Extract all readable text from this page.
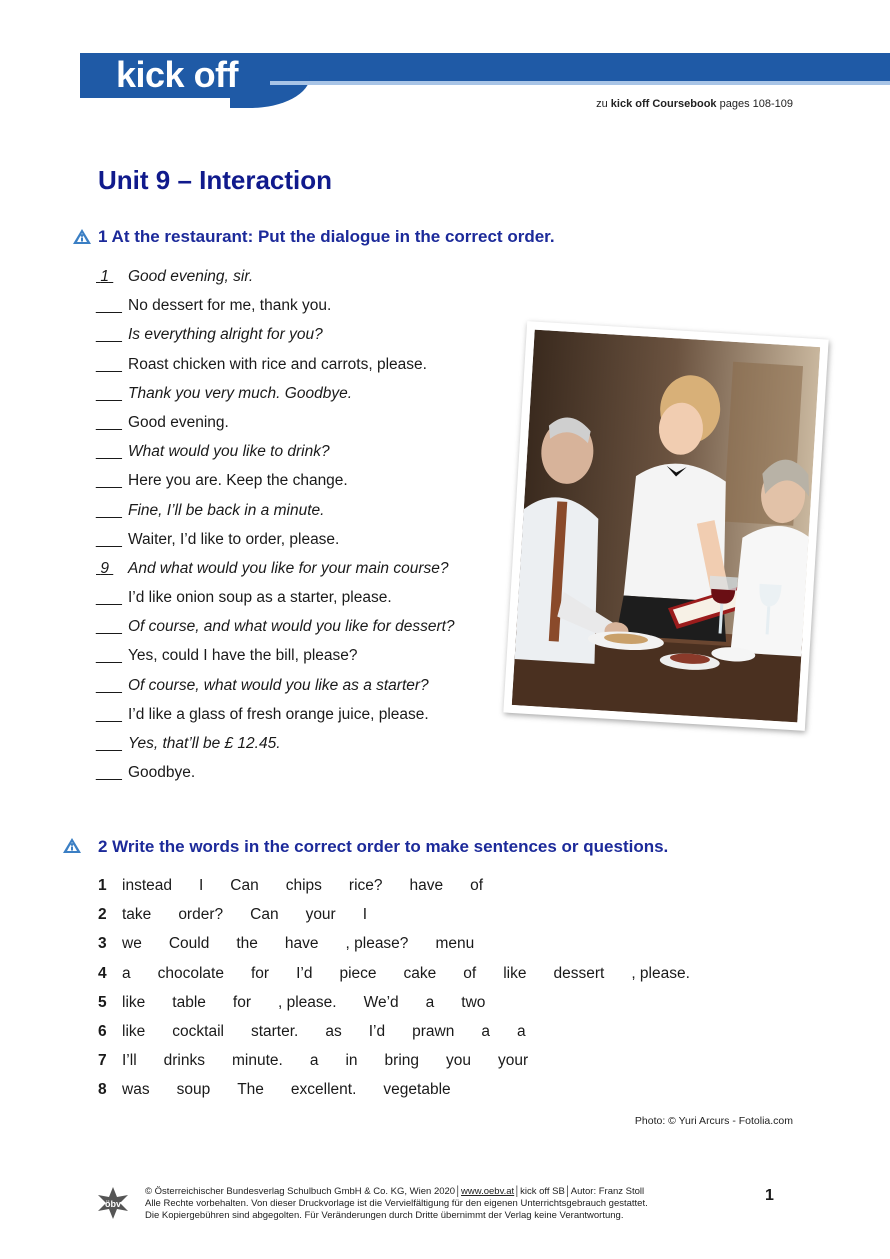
kick off
zu kick off Coursebook pages 108-109
Unit 9 – Interaction
1 At the restaurant: Put the dialogue in the correct order.
1 Good evening, sir.
___ No dessert for me, thank you.
___ Is everything alright for you?
___ Roast chicken with rice and carrots, please.
___ Thank you very much. Goodbye.
___ Good evening.
___ What would you like to drink?
___ Here you are. Keep the change.
___ Fine, I’ll be back in a minute.
___ Waiter, I’d like to order, please.
9 And what would you like for your main course?
___ I’d like onion soup as a starter, please.
___ Of course, and what would you like for dessert?
___ Yes, could I have the bill, please?
___ Of course, what would you like as a starter?
___ I’d like a glass of fresh orange juice, please.
___ Yes, that’ll be £ 12.45.
___ Goodbye.
2 Write the words in the correct order to make sentences or questions.
1 instead I Can chips rice? have of
2 take order? Can your I
3 we Could the have , please? menu
4 a chocolate for I’d piece cake of like dessert , please.
5 like table for , please. We’d a two
6 like cocktail starter. as I’d prawn a a
7 I’ll drinks minute. a in bring you your
8 was soup The excellent. vegetable
Photo: © Yuri Arcurs - Fotolia.com
öbv
© Österreichischer Bundesverlag Schulbuch GmbH & Co. KG, Wien 2020│www.oebv.at│kick off SB│Autor: Franz Stoll
Alle Rechte vorbehalten. Von dieser Druckvorlage ist die Vervielfältigung für den eigenen Unterrichtsgebrauch gestattet.
Die Kopiergebühren sind abgegolten. Für Veränderungen durch Dritte übernimmt der Verlag keine Verantwortung.
1
